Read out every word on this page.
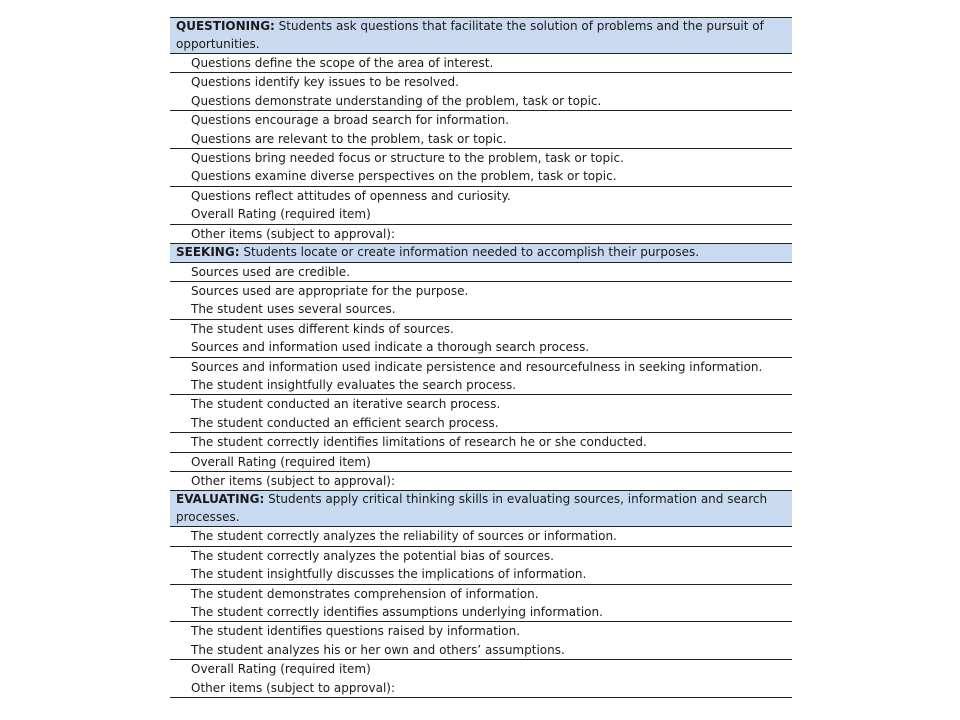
QUESTIONING: Students ask questions that facilitate the solution of problems and the pursuit of opportunities.
Questions define the scope of the area of interest.
Questions identify key issues to be resolved.
Questions demonstrate understanding of the problem, task or topic.
Questions encourage a broad search for information.
Questions are relevant to the problem, task or topic.
Questions bring needed focus or structure to the problem, task or topic.
Questions examine diverse perspectives on the problem, task or topic.
Questions reflect attitudes of openness and curiosity.
Overall Rating (required item)
Other items (subject to approval):
SEEKING: Students locate or create information needed to accomplish their purposes.
Sources used are credible.
Sources used are appropriate for the purpose.
The student uses several sources.
The student uses different kinds of sources.
Sources and information used indicate a thorough search process.
Sources and information used indicate persistence and resourcefulness in seeking information.
The student insightfully evaluates the search process.
The student conducted an iterative search process.
The student conducted an efficient search process.
The student correctly identifies limitations of research he or she conducted.
Overall Rating (required item)
Other items (subject to approval):
EVALUATING: Students apply critical thinking skills in evaluating sources, information and search processes.
The student correctly analyzes the reliability of sources or information.
The student correctly analyzes the potential bias of sources.
The student insightfully discusses the implications of information.
The student demonstrates comprehension of information.
The student correctly identifies assumptions underlying information.
The student identifies questions raised by information.
The student analyzes his or her own and others’ assumptions.
Overall Rating (required item)
Other items (subject to approval):
